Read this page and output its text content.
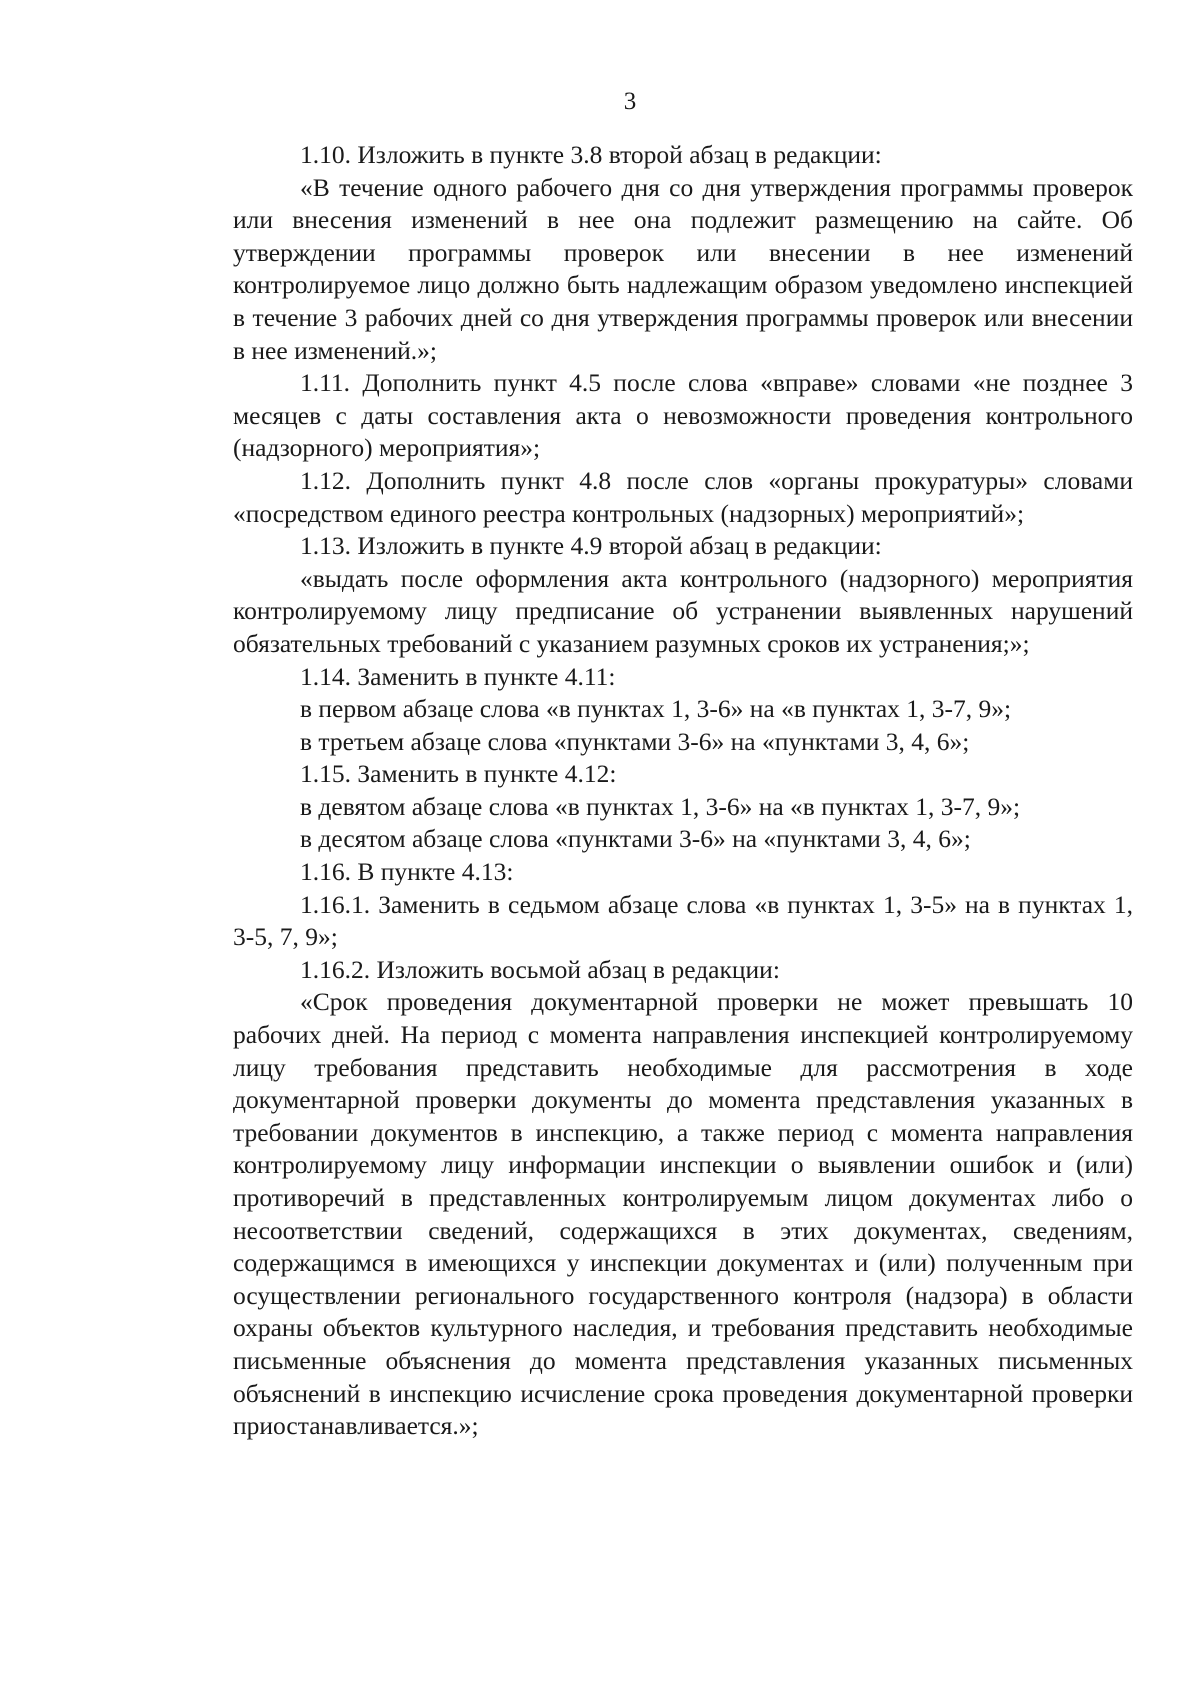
3

1.10. Изложить в пункте 3.8 второй абзац в редакции:

«В течение одного рабочего дня со дня утверждения программы проверок или внесения изменений в нее она подлежит размещению на сайте. Об утверждении программы проверок или внесении в нее изменений контролируемое лицо должно быть надлежащим образом уведомлено инспекцией в течение 3 рабочих дней со дня утверждения программы проверок или внесении в нее изменений.»;

1.11. Дополнить пункт 4.5 после слова «вправе» словами «не позднее 3 месяцев с даты составления акта о невозможности проведения контрольного (надзорного) мероприятия»;

1.12. Дополнить пункт 4.8 после слов «органы прокуратуры» словами «посредством единого реестра контрольных (надзорных) мероприятий»;

1.13. Изложить в пункте 4.9 второй абзац в редакции:

«выдать после оформления акта контрольного (надзорного) мероприятия контролируемому лицу предписание об устранении выявленных нарушений обязательных требований с указанием разумных сроков их устранения;»;

1.14. Заменить в пункте 4.11:

в первом абзаце слова «в пунктах 1, 3-6» на «в пунктах 1, 3-7, 9»;

в третьем абзаце слова «пунктами 3-6» на «пунктами 3, 4, 6»;

1.15. Заменить в пункте 4.12:

в девятом абзаце слова «в пунктах 1, 3-6» на «в пунктах 1, 3-7, 9»;

в десятом абзаце слова «пунктами 3-6» на «пунктами 3, 4, 6»;

1.16. В пункте 4.13:

1.16.1. Заменить в седьмом абзаце слова «в пунктах 1, 3-5» на в пунктах 1, 3-5, 7, 9»;

1.16.2. Изложить восьмой абзац в редакции:

«Срок проведения документарной проверки не может превышать 10 рабочих дней. На период с момента направления инспекцией контролируемому лицу требования представить необходимые для рассмотрения в ходе документарной проверки документы до момента представления указанных в требовании документов в инспекцию, а также период с момента направления контролируемому лицу информации инспекции о выявлении ошибок и (или) противоречий в представленных контролируемым лицом документах либо о несоответствии сведений, содержащихся в этих документах, сведениям, содержащимся в имеющихся у инспекции документах и (или) полученным при осуществлении регионального государственного контроля (надзора) в области охраны объектов культурного наследия, и требования представить необходимые письменные объяснения до момента представления указанных письменных объяснений в инспекцию исчисление срока проведения документарной проверки приостанавливается.»;
